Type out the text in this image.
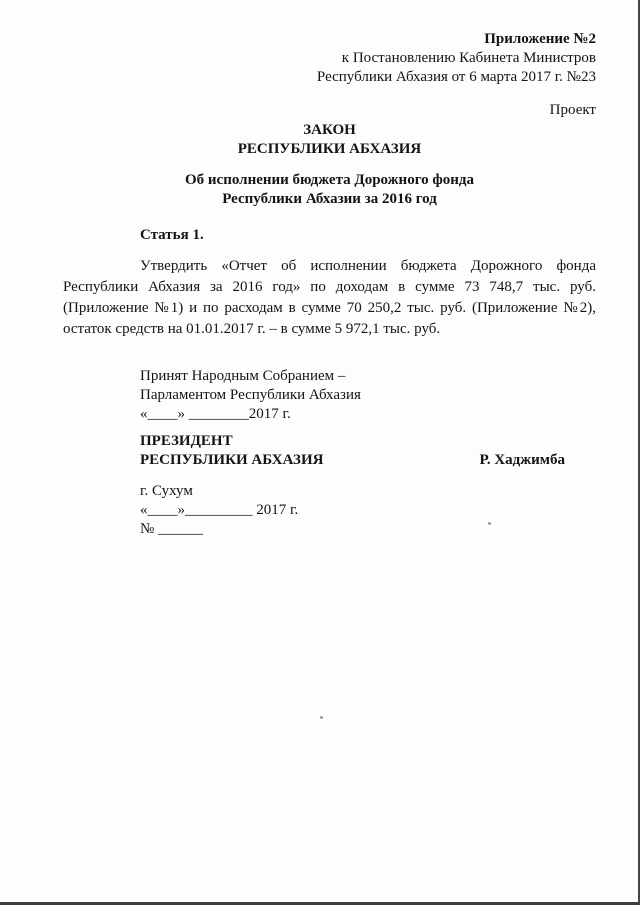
Приложение №2
к Постановлению Кабинета Министров
Республики Абхазия от 6 марта 2017 г. №23
Проект
ЗАКОН
РЕСПУБЛИКИ АБХАЗИЯ
Об исполнении бюджета Дорожного фонда
Республики Абхазии за 2016 год
Статья 1.

Утвердить «Отчет об исполнении бюджета Дорожного фонда Республики Абхазия за 2016 год» по доходам в сумме 73 748,7 тыс. руб. (Приложение №1) и по расходам в сумме 70 250,2 тыс. руб. (Приложение №2), остаток средств на 01.01.2017 г. – в сумме 5 972,1 тыс. руб.

Принят Народным Собранием –
Парламентом Республики Абхазия
«____» ________2017 г.
ПРЕЗИДЕНТ
РЕСПУБЛИКИ АБХАЗИЯ	Р. Хаджимба
г. Сухум
«____»_________ 2017 г.
№ ______
